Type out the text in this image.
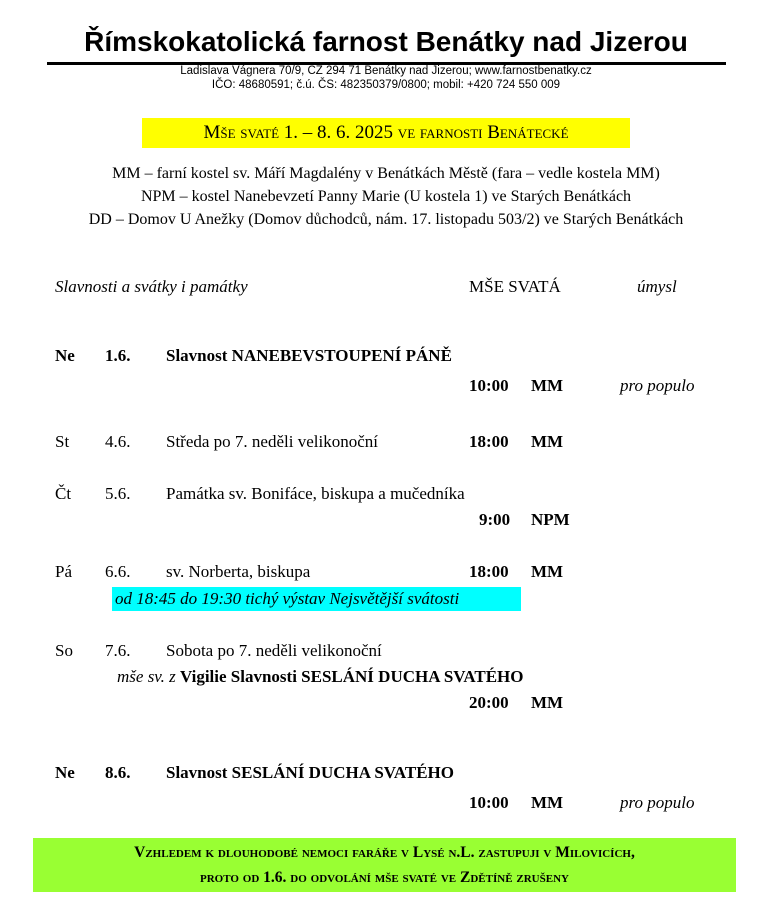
Římskokatolická farnost Benátky nad Jizerou
Ladislava Vágnera 70/9, CZ 294 71 Benátky nad Jizerou; www.farnostbenatky.cz
IČO: 48680591; č.ú. ČS: 482350379/0800; mobil: +420 724 550 009
Mše svaté 1. – 8. 6. 2025 ve farnosti Benátecké
MM – farní kostel sv. Máří Magdalény v Benátkách Městě (fara – vedle kostela MM)
NPM – kostel Nanebevzetí Panny Marie (U kostela 1) ve Starých Benátkách
DD – Domov U Anežky (Domov důchodců, nám. 17. listopadu 503/2) ve Starých Benátkách
Slavnosti a svátky i památky	MŠE SVATÁ	úmysl
Ne 1.6. Slavnost NANEBEVSTOUPENÍ PÁNĚ
10:00 MM	pro populo
St 4.6. Středa po 7. neděli velikonoční	18:00 MM
Čt 5.6. Památka sv. Bonifáce, biskupa a mučedníka
9:00 NPM
Pá 6.6. sv. Norberta, biskupa	18:00 MM
od 18:45 do 19:30 tichý výstav Nejsvětější svátosti
So 7.6. Sobota po 7. neděli velikonoční
mše sv. z Vigilie Slavnosti SESLÁNÍ DUCHA SVATÉHO
20:00 MM
Ne 8.6. Slavnost SESLÁNÍ DUCHA SVATÉHO
10:00 MM	pro populo
Vzhledem k dlouhodobé nemoci faráře v Lysé n.L. zastupuji v Milovicích,
proto od 1.6. do odvolání mše svaté ve Zdětíně zrušeny
